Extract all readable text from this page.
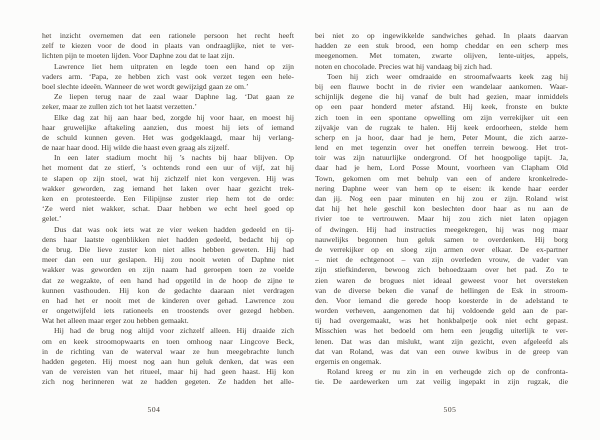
het inzicht overnemen dat een rationele persoon het recht heeft
zelf te kiezen voor de dood in plaats van ondraaglijke, niet te ver-
lichten pijn te moeten lijden. Voor Daphne zou dat te laat zijn.
Lawrence liet hem uitpraten en legde toen een hand op zijn
vaders arm. ‘Papa, ze hebben zich vast ook verzet tegen een hele-
boel slechte ideeën. Wanneer de wet wordt gewijzigd gaan ze om.’
Ze liepen terug naar de zaal waar Daphne lag. ‘Dat gaan ze
zeker, maar ze zullen zich tot het laatst verzetten.’
Elke dag zat hij aan haar bed, zorgde hij voor haar, en moest hij
haar gruwelijke aftakeling aanzien, dus moest hij iets of iemand
de schuld kunnen geven. Het was godgeklaagd, maar hij verlang-
de naar haar dood. Hij wilde die haast even graag als zijzelf.
In een later stadium mocht hij ’s nachts bij haar blijven. Op
het moment dat ze stierf, ’s ochtends rond een uur of vijf, zat hij
te slapen op zijn stoel, wat hij zichzelf niet kon vergeven. Hij was
wakker geworden, zag iemand het laken over haar gezicht trek-
ken en protesteerde. Een Filipijnse zuster riep hem tot de orde:
‘Ze werd niet wakker, schat. Daar hebben we echt heel goed op
gelet.’
Dus dat was ook iets wat ze vier weken hadden gedeeld en tij-
dens haar laatste ogenblikken niet hadden gedeeld, bedacht hij op
de brug. Die lieve zuster kon niet alles hebben geweten. Hij had
meer dan een uur geslapen. Hij zou nooit weten of Daphne niet
wakker was geworden en zijn naam had geroepen toen ze voelde
dat ze wegzakte, of een hand had opgetild in de hoop de zijne te
kunnen vasthouden. Hij kon de gedachte daaraan niet verdragen
en had het er nooit met de kinderen over gehad. Lawrence zou
er ongetwijfeld iets rationeels en troostends over gezegd hebben.
Wat het alleen maar erger zou hebben gemaakt.
Hij had de brug nog altijd voor zichzelf alleen. Hij draaide zich
om en keek stroomopwaarts en toen omhoog naar Lingcove Beck,
in de richting van de waterval waar ze hun meegebrachte lunch
hadden gegeten. Hij moest nog aan hun geluk denken, dat was een
van de vereisten van het ritueel, maar hij had geen haast. Hij kon
zich nog herinneren wat ze hadden gegeten. Ze hadden het alle-
504
bei niet zo op ingewikkelde sandwiches gehad. In plaats daarvan
hadden ze een stuk brood, een homp cheddar en een scherp mes
meegenomen. Met tomaten, zwarte olijven, lente-uitjes, appels,
noten en chocolade. Precies wat hij vandaag bij zich had.
Toen hij zich weer omdraaide en stroomafwaarts keek zag hij
bij een flauwe bocht in de rivier een wandelaar aankomen. Waar-
schijnlijk degene die hij vanaf de bult had gezien, maar inmiddels
op een paar honderd meter afstand. Hij keek, fronste en bukte
zich toen in een spontane opwelling om zijn verrekijker uit een
zijvakje van de rugzak te halen. Hij keek erdoorheen, stelde hem
scherp en ja hoor, daar had je hem, Peter Mount, die zich aarze-
lend en met tegenzin over het oneffen terrein bewoog. Het trot-
toir was zijn natuurlijke ondergrond. Of het hoogpolige tapijt. Ja,
daar had je hem, Lord Posse Mount, voorheen van Clapham Old
Town, gekomen om met behulp van een of andere kronkelrede-
nering Daphne weer van hem op te eisen: ik kende haar eerder
dan jij. Nog een paar minuten en hij zou er zijn. Roland wist
dat hij het hele geschil kon beslechten door haar as nu aan de
rivier toe te vertrouwen. Maar hij zou zich niet laten opjagen
of dwingen. Hij had instructies meegekregen, hij was nog maar
nauwelijks begonnen hun geluk samen te overdenken. Hij borg
de verrekijker op en sloeg zijn armen over elkaar. De ex-partner
– niet de echtgenoot – van zijn overleden vrouw, de vader van
zijn stiefkinderen, bewoog zich behoedzaam over het pad. Zo te
zien waren de brogues niet ideaal geweest voor het oversteken
van de diverse beken die vanaf de hellingen de Esk in stroom-
den. Voor iemand die gerede hoop koesterde in de adelstand te
worden verheven, aangenomen dat hij voldoende geld aan de par-
tij had overgemaakt, was het honkbalpetje ook niet echt gepast.
Misschien was het bedoeld om hem een jeugdig uiterlijk te ver-
lenen. Dat was dan mislukt, want zijn gezicht, even afgeleefd als
dat van Roland, was dat van een ouwe kwibus in de greep van
ergernis en ongemak.
Roland kreeg er nu zin in en verheugde zich op de confronta-
tie. De aardewerken urn zat veilig ingepakt in zijn rugzak, die
505
